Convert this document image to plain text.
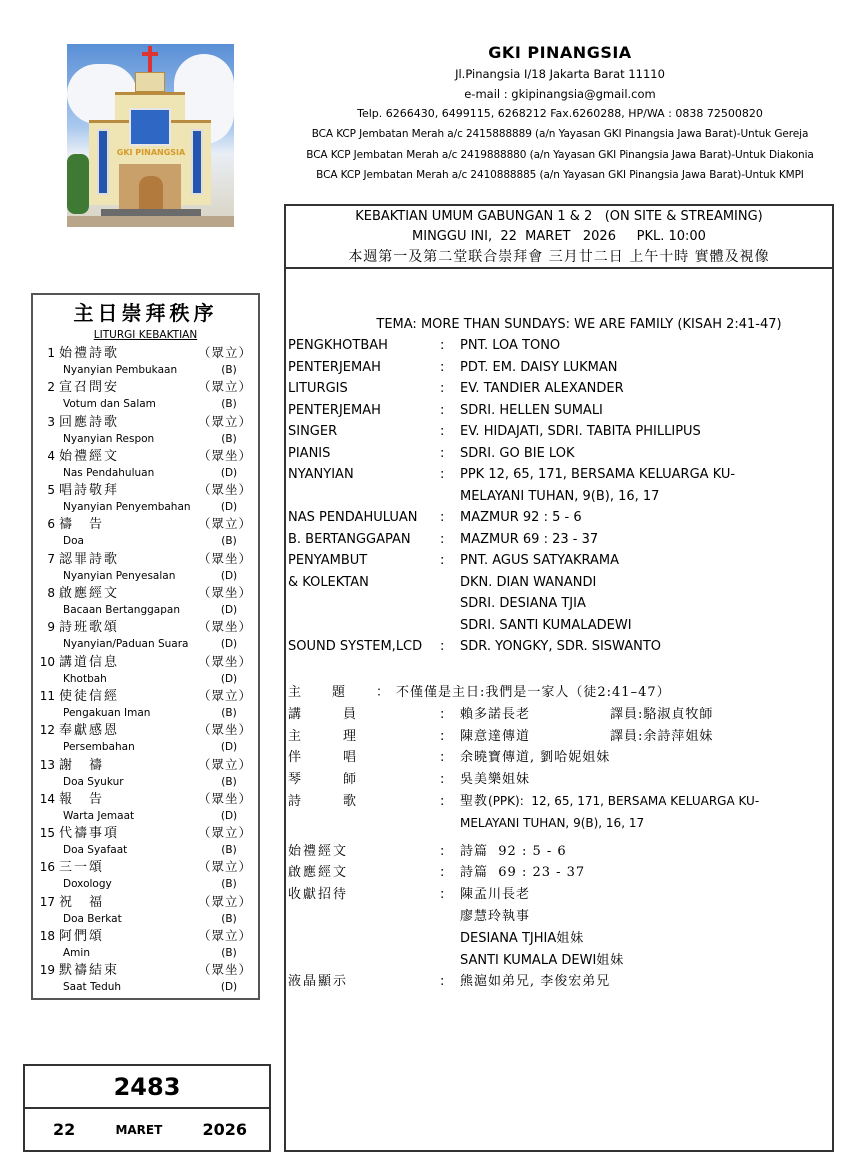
GKI PINANGSIA
GKI PINANGSIA
Jl.Pinangsia I/18 Jakarta Barat 11110
e-mail : gkipinangsia@gmail.com
Telp. 6266430, 6499115, 6268212 Fax.6260288, HP/WA : 0838 72500820
BCA KCP Jembatan Merah a/c 2415888889 (a/n Yayasan GKI Pinangsia Jawa Barat)-Untuk Gereja
BCA KCP Jembatan Merah a/c 2419888880 (a/n Yayasan GKI Pinangsia Jawa Barat)-Untuk Diakonia
BCA KCP Jembatan Merah a/c 2410888885 (a/n Yayasan GKI Pinangsia Jawa Barat)-Untuk KMPI
主日崇拜秩序
LITURGI KEBAKTIAN
1 始禮詩歌	（眾立）
Nyanyian Pembukaan	(B)
2 宣召問安	（眾立）
Votum dan Salam	(B)
3 回應詩歌	（眾立）
Nyanyian Respon	(B)
4 始禮經文	（眾坐）
Nas Pendahuluan	(D)
5 唱詩敬拜	（眾坐）
Nyanyian Penyembahan	(D)
6 禱　告	（眾立）
Doa	(B)
7 認罪詩歌	（眾坐）
Nyanyian Penyesalan	(D)
8 啟應經文	（眾坐）
Bacaan Bertanggapan	(D)
9 詩班歌頌	（眾坐）
Nyanyian/Paduan Suara	(D)
10 講道信息	（眾坐）
Khotbah	(D)
11 使徒信經	（眾立）
Pengakuan Iman	(B)
12 奉獻感恩	（眾坐）
Persembahan	(D)
13 謝　禱	（眾立）
Doa Syukur	(B)
14 報　告	（眾坐）
Warta Jemaat	(D)
15 代禱事項	（眾立）
Doa Syafaat	(B)
16 三一頌	（眾立）
Doxology	(B)
17 祝　福	（眾立）
Doa Berkat	(B)
18 阿們頌	（眾立）
Amin	(B)
19 默禱結束	（眾坐）
Saat Teduh	(D)
2483
22	MARET	2026
KEBAKTIAN UMUM GABUNGAN 1 & 2   (ON SITE & STREAMING)
MINGGU INI,  22  MARET   2026     PKL. 10:00
本週第一及第二堂联合崇拜會 三月廿二日 上午十時 實體及視像
TEMA: MORE THAN SUNDAYS: WE ARE FAMILY (KISAH 2:41-47)
PENGKHOTBAH	:	PNT. LOA TONO
PENTERJEMAH	:	PDT. EM. DAISY LUKMAN
LITURGIS	:	EV. TANDIER ALEXANDER
PENTERJEMAH	:	SDRI. HELLEN SUMALI
SINGER	:	EV. HIDAJATI, SDRI. TABITA PHILLIPUS
PIANIS	:	SDRI. GO BIE LOK
NYANYIAN	:	PPK 12, 65, 171, BERSAMA KELUARGA KU-
MELAYANI TUHAN, 9(B), 16, 17
NAS PENDAHULUAN	:	MAZMUR 92 : 5 - 6
B. BERTANGGAPAN	:	MAZMUR 69 : 23 - 37
PENYAMBUT	:	PNT. AGUS SATYAKRAMA
& KOLEKTAN	DKN. DIAN WANANDI
SDRI. DESIANA TJIA
SDRI. SANTI KUMALADEWI
SOUND SYSTEM,LCD	:	SDR. YONGKY, SDR. SISWANTO
主	題	： 不僅僅是主日:我們是一家人（徒2:41–47）
講	員	:	賴多諾長老	譯員:駱淑貞牧師
主	理	:	陳意達傳道	譯員:余詩萍姐妹
伴	唱	:	余曉寶傳道, 劉哈妮姐妹
琴	師	:	吳美樂姐妹
詩	歌	:	聖教(PPK):  12, 65, 171, BERSAMA KELUARGA KU-
MELAYANI TUHAN, 9(B), 16, 17
始禮經文	:	詩篇  92 : 5 - 6
啟應經文	:	詩篇  69 : 23 - 37
收獻招待	:	陳孟川長老
廖慧玲執事
DESIANA TJHIA姐妹
SANTI KUMALA DEWI姐妹
液晶顯示	:	熊滬如弟兄, 李俊宏弟兄
